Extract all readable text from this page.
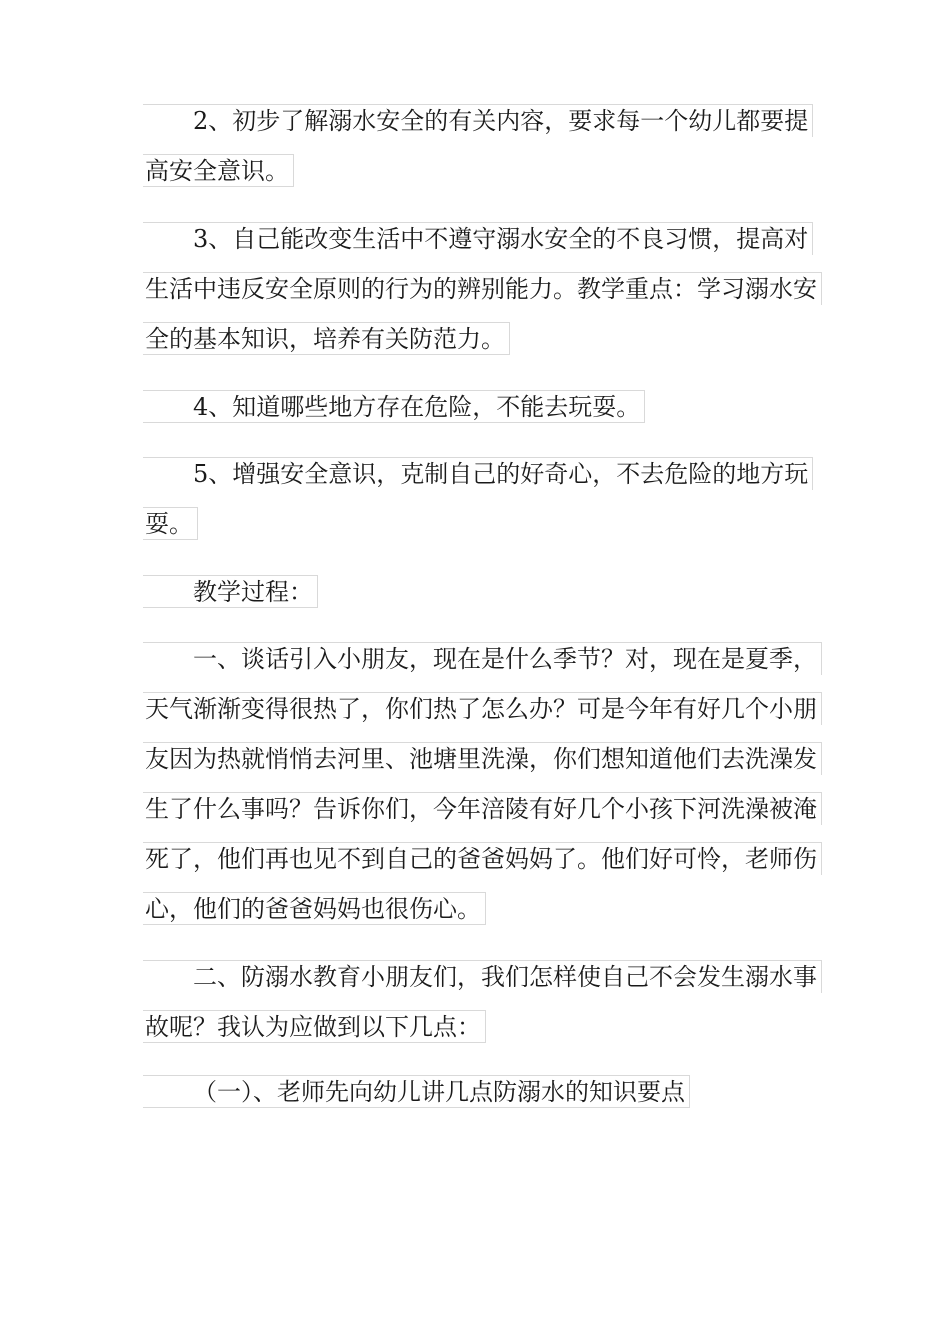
2、初步了解溺水安全的有关内容，要求每一个幼儿都要提
高安全意识。
3、自己能改变生活中不遵守溺水安全的不良习惯，提高对
生活中违反安全原则的行为的辨别能力。教学重点：学习溺水安
全的基本知识，培养有关防范力。
4、知道哪些地方存在危险，不能去玩耍。
5、增强安全意识，克制自己的好奇心，不去危险的地方玩
耍。
教学过程：
一、谈话引入小朋友，现在是什么季节？对，现在是夏季，
天气渐渐变得很热了，你们热了怎么办？可是今年有好几个小朋
友因为热就悄悄去河里、池塘里洗澡，你们想知道他们去洗澡发
生了什么事吗？告诉你们，今年涪陵有好几个小孩下河洗澡被淹
死了，他们再也见不到自己的爸爸妈妈了。他们好可怜，老师伤
心，他们的爸爸妈妈也很伤心。
二、防溺水教育小朋友们，我们怎样使自己不会发生溺水事
故呢？我认为应做到以下几点：
（一）、老师先向幼儿讲几点防溺水的知识要点
